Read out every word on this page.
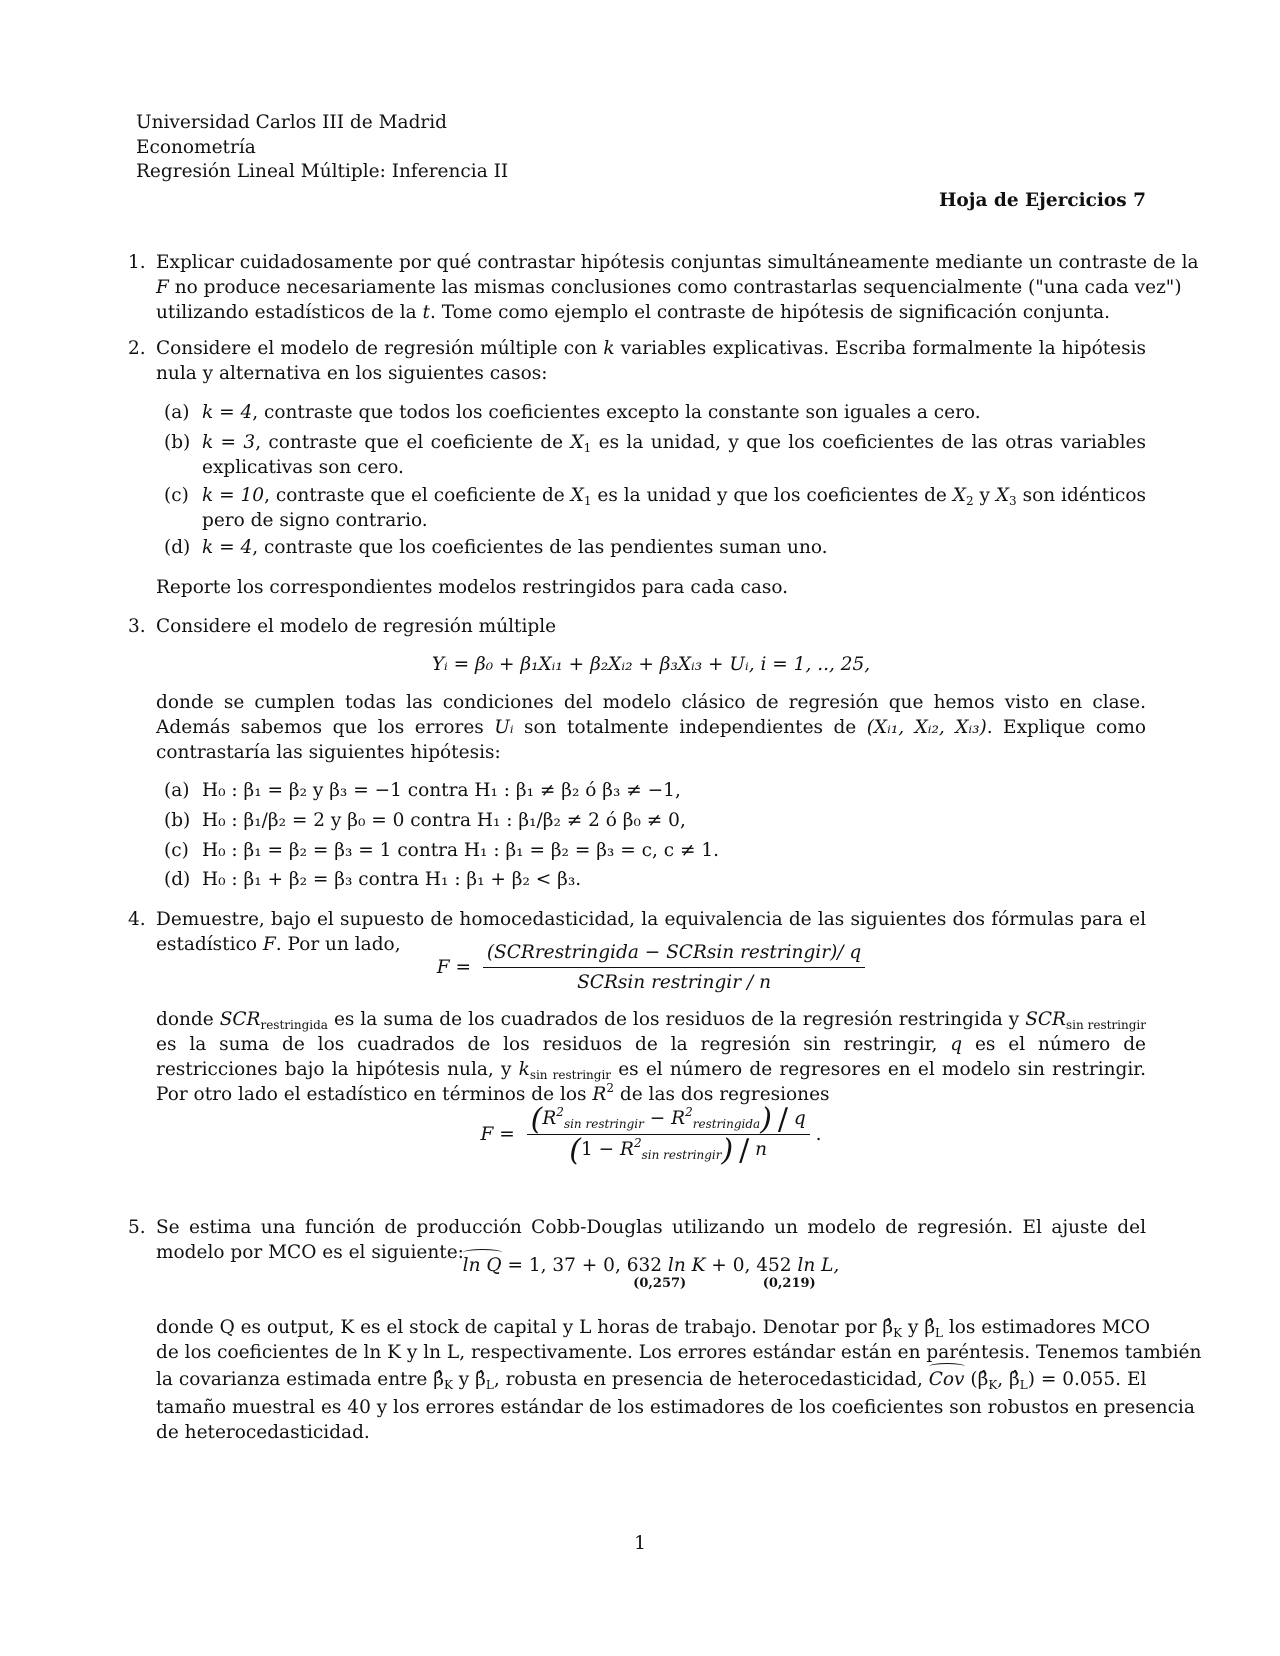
Universidad Carlos III de Madrid
Econometría
Regresión Lineal Múltiple: Inferencia II
Hoja de Ejercicios 7
1. Explicar cuidadosamente por qué contrastar hipótesis conjuntas simultáneamente mediante un contraste de la
F no produce necesariamente las mismas conclusiones como contrastarlas sequencialmente ("una cada vez")
utilizando estadísticos de la t. Tome como ejemplo el contraste de hipótesis de significación conjunta.
2. Considere el modelo de regresión múltiple con k variables explicativas. Escriba formalmente la hipótesis nula y alternativa en los siguientes casos:
(a) k = 4, contraste que todos los coeficientes excepto la constante son iguales a cero.
(b) k = 3, contraste que el coeficiente de $X_1$ es la unidad, y que los coeficientes de las otras variables explicativas son cero.
(c) k = 10, contraste que el coeficiente de $X_1$ es la unidad y que los coeficientes de $X_2$ y $X_3$ son idénticos pero de signo contrario.
(d) k = 4, contraste que los coeficientes de las pendientes suman uno.
Reporte los correspondientes modelos restringidos para cada caso.
3. Considere el modelo de regresión múltiple
Yᵢ = β₀ + β₁Xᵢ₁ + β₂Xᵢ₂ + β₃Xᵢ₃ + Uᵢ, i = 1, .., 25,
donde se cumplen todas las condiciones del modelo clásico de regresión que hemos visto en clase. Además sabemos que los errores Uᵢ son totalmente independientes de (Xᵢ₁, Xᵢ₂, Xᵢ₃). Explique como contrastaría las siguientes hipótesis:
(a) H₀ : β₁ = β₂ y β₃ = −1 contra H₁ : β₁ ≠ β₂ ó β₃ ≠ −1,
(b) H₀ : β₁/β₂ = 2 y β₀ = 0 contra H₁ : β₁/β₂ ≠ 2 ó β₀ ≠ 0,
(c) H₀ : β₁ = β₂ = β₃ = 1 contra H₁ : β₁ = β₂ = β₃ = c, c ≠ 1.
(d) H₀ : β₁ + β₂ = β₃ contra H₁ : β₁ + β₂ < β₃.
4. Demuestre, bajo el supuesto de homocedasticidad, la equivalencia de las siguientes dos fórmulas para el estadístico F. Por un lado,
$F = \frac{\text{(SCRrestringida − SCRsin restringir)/ q}}{\text{SCRsin restringir / n}}$
donde $SCR_{restringida}$ es la suma de los cuadrados de los residuos de la regresión restringida y $SCR_{sin restringir}$ es la suma de los cuadrados de los residuos de la regresión sin restringir, q es el número de restricciones bajo la hipótesis nula, y $k_{sin restringir}$ es el número de regresores en el modelo sin restringir. Por otro lado el estadístico en términos de los $R^2$ de las dos regresiones
$F = (R^2_{sin restringir} - R^2_{restringida}) / q$
$(1 - R^2_{sin restringir}) / n$
.
5. Se estima una función de producción Cobb-Douglas utilizando un modelo de regresión. El ajuste del modelo por MCO es el siguiente:
ln Q = 1, 37 + 0, 632
(0,257)
ln K + 0, 452
(0,219)
ln L,
donde Q es output, K es el stock de capital y L horas de trabajo. Denotar por $\betâ_K$ y $\betâ_L$ los estimadores MCO
de los coeficientes de ln K y ln L, respectivamente. Los errores estándar están en paréntesis. Tenemos también
la covarianza estimada entre $\betâ_K$ y $\betâ_L$, robusta en presencia de heterocedasticidad, Cov ($\betâ_K$, $\betâ_L) = 0.055$. El
tamaño muestral es 40 y los errores estándar de los estimadores de los coeficientes son robustos en presencia
de heterocedasticidad.
1
